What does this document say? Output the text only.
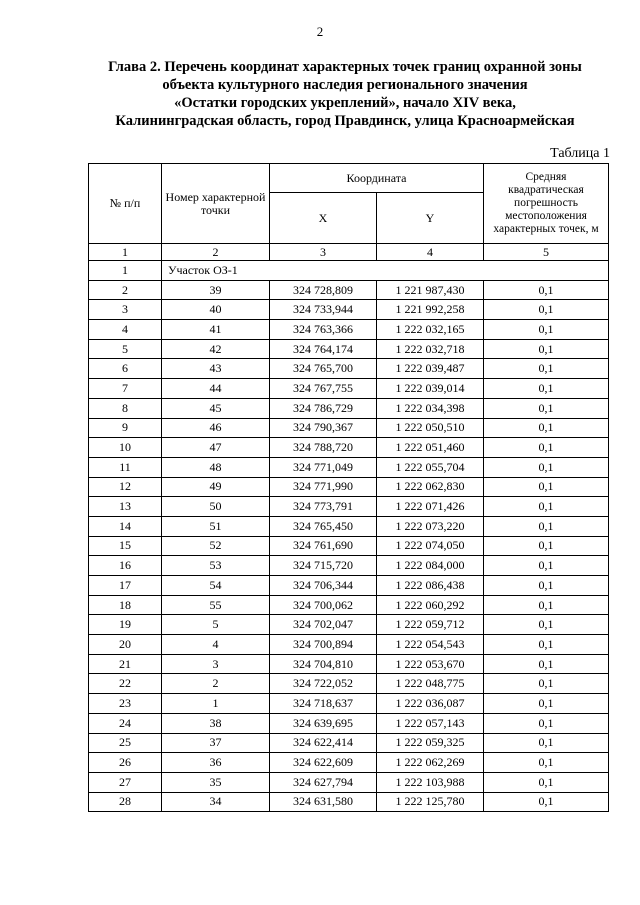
2
Глава 2. Перечень координат характерных точек границ охранной зоны
объекта культурного наследия регионального значения
«Остатки городских укреплений», начало XIV века,
Калининградская область, город Правдинск, улица Красноармейская
Таблица 1
№ п/п	Номер характерной точки	Координата		Средняя квадратическая погрешность местоположения характерных точек, м
		X	Y	
1	2	3	4	5
1	Участок ОЗ-1			
2	39	324 728,809	1 221 987,430	0,1
3	40	324 733,944	1 221 992,258	0,1
4	41	324 763,366	1 222 032,165	0,1
5	42	324 764,174	1 222 032,718	0,1
6	43	324 765,700	1 222 039,487	0,1
7	44	324 767,755	1 222 039,014	0,1
8	45	324 786,729	1 222 034,398	0,1
9	46	324 790,367	1 222 050,510	0,1
10	47	324 788,720	1 222 051,460	0,1
11	48	324 771,049	1 222 055,704	0,1
12	49	324 771,990	1 222 062,830	0,1
13	50	324 773,791	1 222 071,426	0,1
14	51	324 765,450	1 222 073,220	0,1
15	52	324 761,690	1 222 074,050	0,1
16	53	324 715,720	1 222 084,000	0,1
17	54	324 706,344	1 222 086,438	0,1
18	55	324 700,062	1 222 060,292	0,1
19	5	324 702,047	1 222 059,712	0,1
20	4	324 700,894	1 222 054,543	0,1
21	3	324 704,810	1 222 053,670	0,1
22	2	324 722,052	1 222 048,775	0,1
23	1	324 718,637	1 222 036,087	0,1
24	38	324 639,695	1 222 057,143	0,1
25	37	324 622,414	1 222 059,325	0,1
26	36	324 622,609	1 222 062,269	0,1
27	35	324 627,794	1 222 103,988	0,1
28	34	324 631,580	1 222 125,780	0,1
